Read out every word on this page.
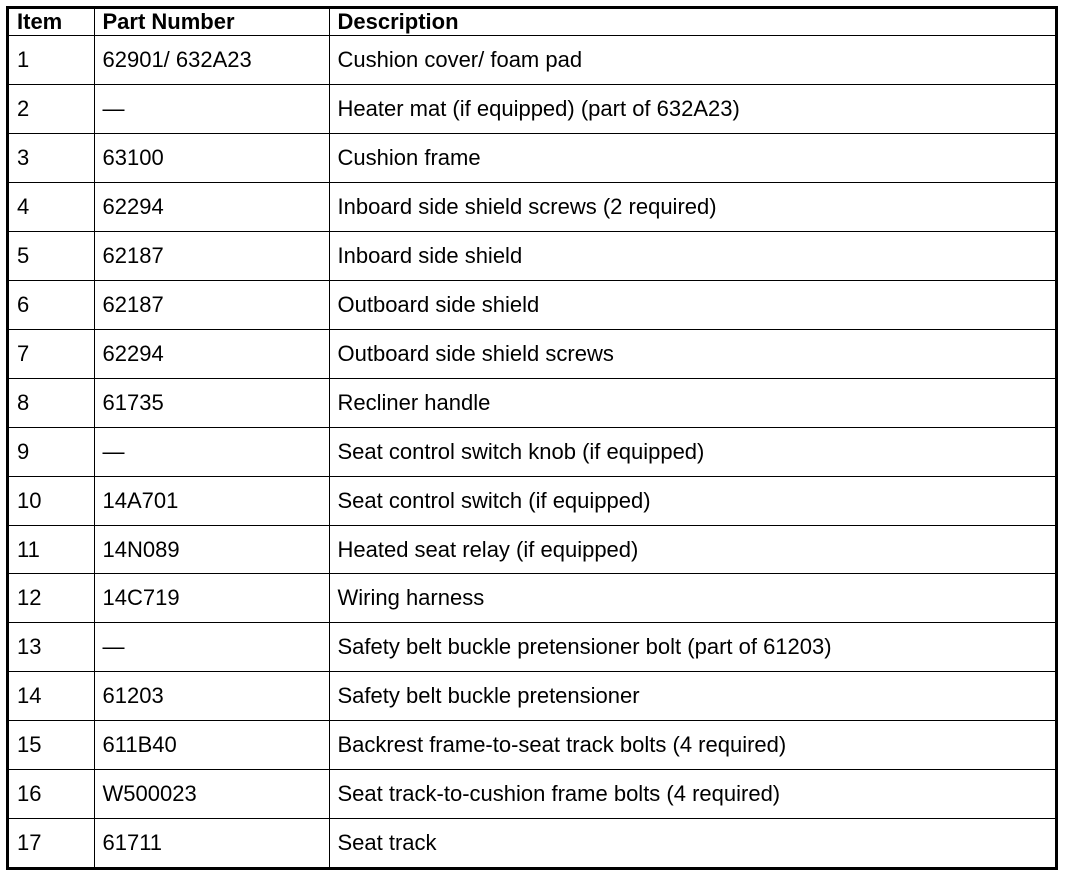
Item	Part Number	Description
1	62901/ 632A23	Cushion cover/ foam pad
2	—	Heater mat (if equipped) (part of 632A23)
3	63100	Cushion frame
4	62294	Inboard side shield screws (2 required)
5	62187	Inboard side shield
6	62187	Outboard side shield
7	62294	Outboard side shield screws
8	61735	Recliner handle
9	—	Seat control switch knob (if equipped)
10	14A701	Seat control switch (if equipped)
11	14N089	Heated seat relay (if equipped)
12	14C719	Wiring harness
13	—	Safety belt buckle pretensioner bolt (part of 61203)
14	61203	Safety belt buckle pretensioner
15	611B40	Backrest frame-to-seat track bolts (4 required)
16	W500023	Seat track-to-cushion frame bolts (4 required)
17	61711	Seat track
